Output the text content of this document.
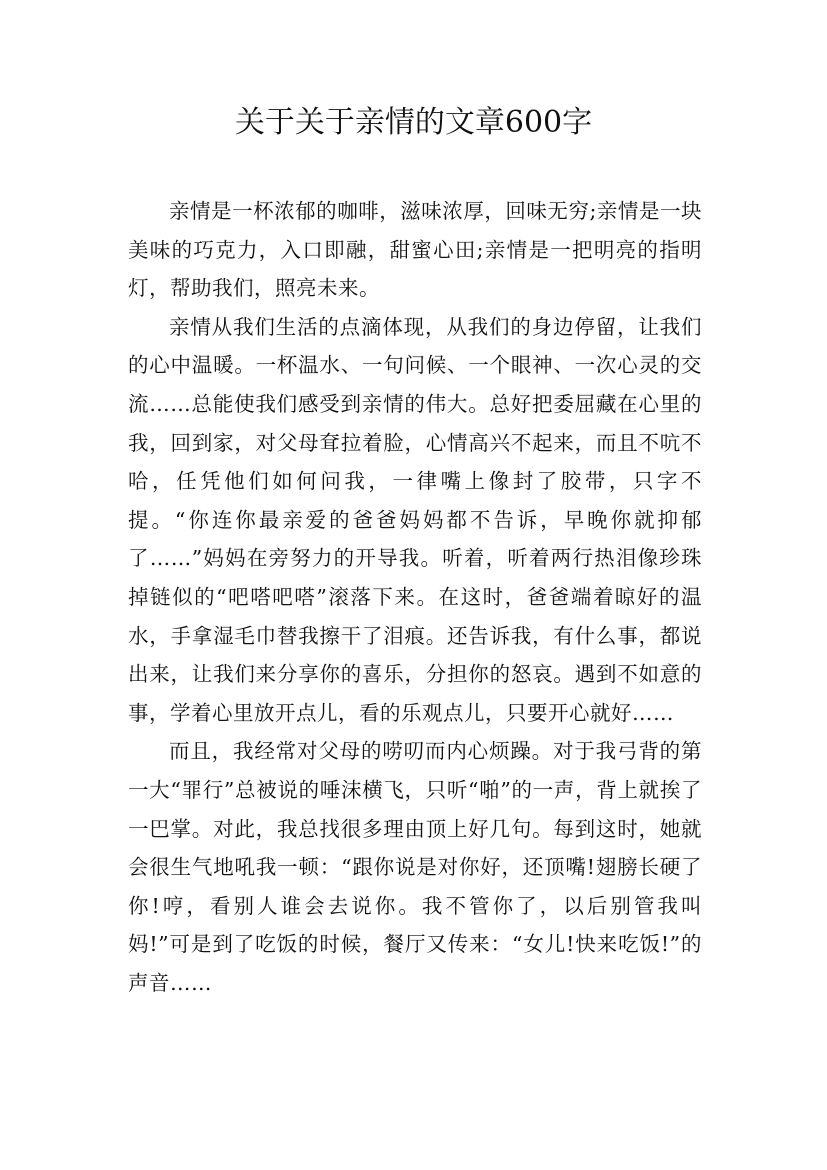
关于关于亲情的文章600字

亲情是一杯浓郁的咖啡，滋味浓厚，回味无穷;亲情是一块美味的巧克力，入口即融，甜蜜心田;亲情是一把明亮的指明灯，帮助我们，照亮未来。

亲情从我们生活的点滴体现，从我们的身边停留，让我们的心中温暖。一杯温水、一句问候、一个眼神、一次心灵的交流……总能使我们感受到亲情的伟大。总好把委屈藏在心里的我，回到家，对父母耷拉着脸，心情高兴不起来，而且不吭不哈，任凭他们如何问我，一律嘴上像封了胶带，只字不提。“你连你最亲爱的爸爸妈妈都不告诉，早晚你就抑郁了……”妈妈在旁努力的开导我。听着，听着两行热泪像珍珠掉链似的“吧嗒吧嗒”滚落下来。在这时，爸爸端着晾好的温水，手拿湿毛巾替我擦干了泪痕。还告诉我，有什么事，都说出来，让我们来分享你的喜乐，分担你的怒哀。遇到不如意的事，学着心里放开点儿，看的乐观点儿，只要开心就好……

而且，我经常对父母的唠叨而内心烦躁。对于我弓背的第一大“罪行”总被说的唾沫横飞，只听“啪”的一声，背上就挨了一巴掌。对此，我总找很多理由顶上好几句。每到这时，她就会很生气地吼我一顿：“跟你说是对你好，还顶嘴!翅膀长硬了你!哼，看别人谁会去说你。我不管你了，以后别管我叫妈!”可是到了吃饭的时候，餐厅又传来：“女儿!快来吃饭!”的声音……
